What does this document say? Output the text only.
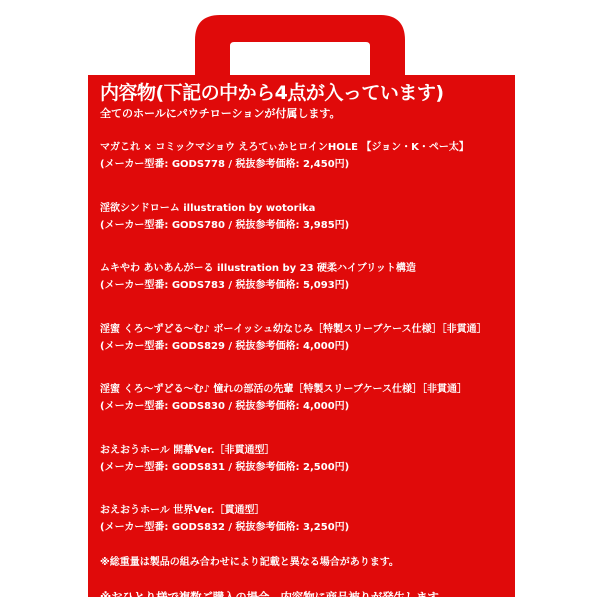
内容物(下記の中から4点が入っています)
全てのホールにパウチローションが付属します。
マガこれ × コミックマショウ えろてぃかヒロインHOLE 【ジョン・K・ペー太】
(メーカー型番: GODS778 / 税抜参考価格: 2,450円)
淫欲シンドローム illustration by wotorika
(メーカー型番: GODS780 / 税抜参考価格: 3,985円)
ムキやわ あいあんがーる illustration by 23 硬柔ハイブリット構造
(メーカー型番: GODS783 / 税抜参考価格: 5,093円)
淫蜜 くろ〜ずどる〜む♪ ボーイッシュ幼なじみ［特製スリーブケース仕様］［非貫通］
(メーカー型番: GODS829 / 税抜参考価格: 4,000円)
淫蜜 くろ〜ずどる〜む♪ 憧れの部活の先輩［特製スリーブケース仕様］［非貫通］
(メーカー型番: GODS830 / 税抜参考価格: 4,000円)
おえおうホール 開幕Ver.［非貫通型］
(メーカー型番: GODS831 / 税抜参考価格: 2,500円)
おえおうホール 世界Ver.［貫通型］
(メーカー型番: GODS832 / 税抜参考価格: 3,250円)
※総重量は製品の組み合わせにより記載と異なる場合があります。
※おひとり様で複数ご購入の場合、内容物に商品被りが発生します。
